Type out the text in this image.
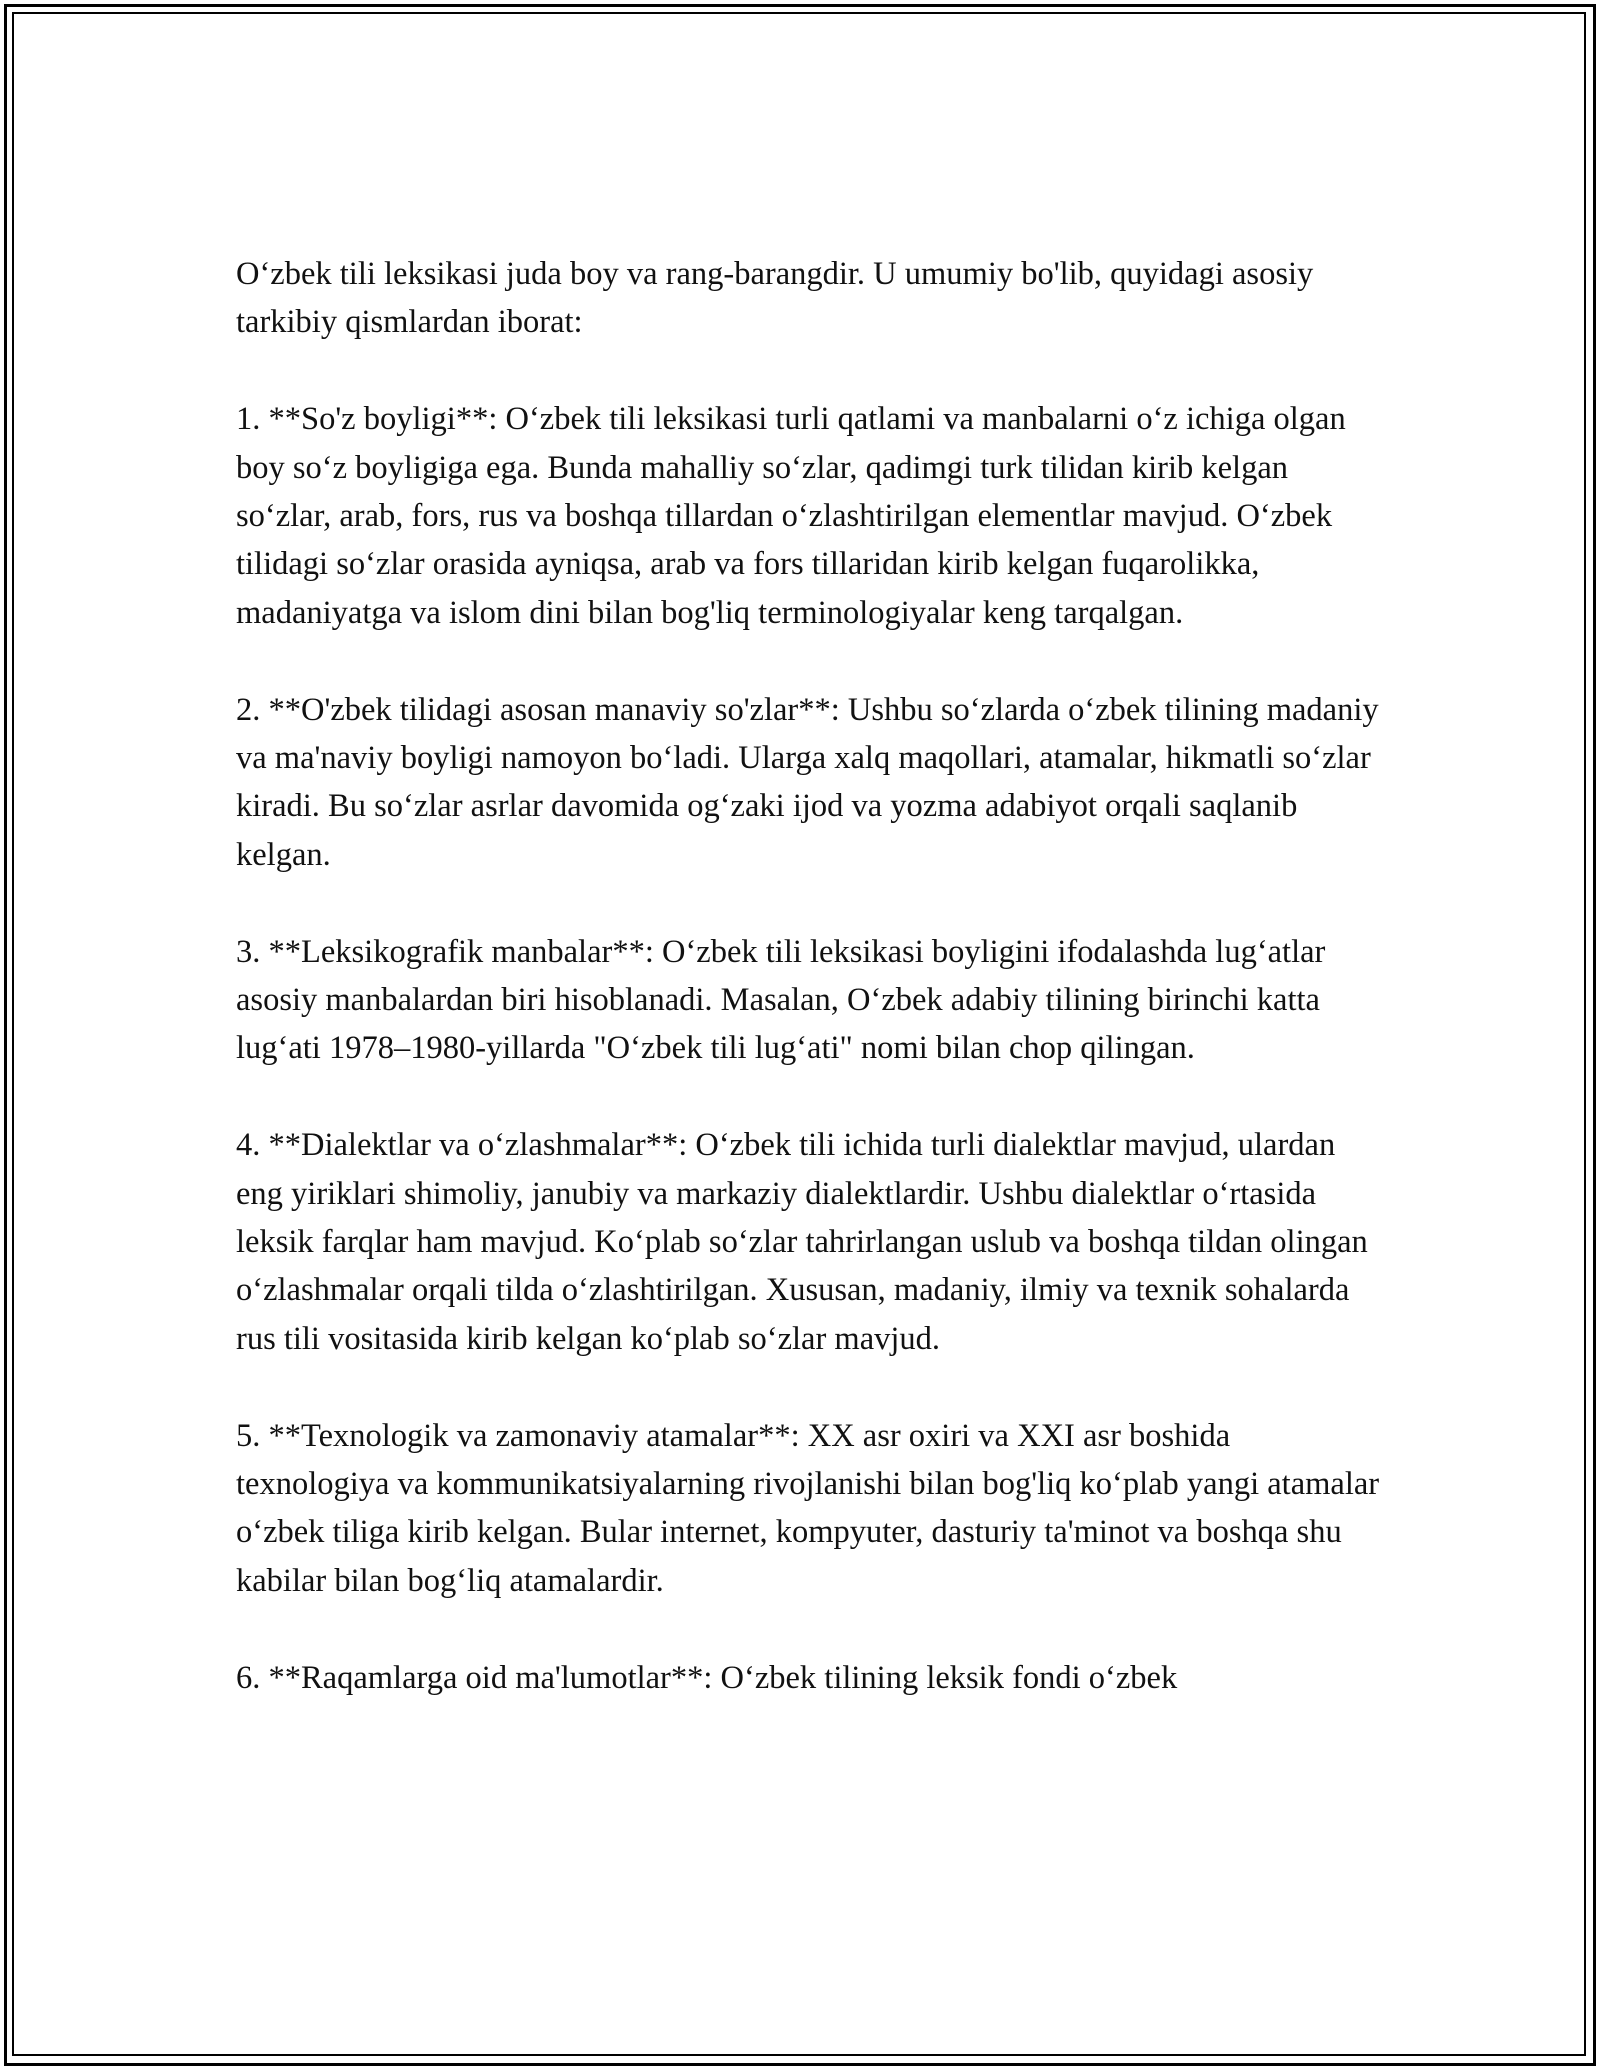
O‘zbek tili leksikasi juda boy va rang-barangdir. U umumiy bo'lib, quyidagi asosiy tarkibiy qismlardan iborat:

1. **So'z boyligi**: O‘zbek tili leksikasi turli qatlami va manbalarni o‘z ichiga olgan boy so‘z boyligiga ega. Bunda mahalliy so‘zlar, qadimgi turk tilidan kirib kelgan so‘zlar, arab, fors, rus va boshqa tillardan o‘zlashtirilgan elementlar mavjud. O‘zbek tilidagi so‘zlar orasida ayniqsa, arab va fors tillaridan kirib kelgan fuqarolikka, madaniyatga va islom dini bilan bog'liq terminologiyalar keng tarqalgan.

2. **O'zbek tilidagi asosan manaviy so'zlar**: Ushbu so‘zlarda o‘zbek tilining madaniy va ma'naviy boyligi namoyon bo‘ladi. Ularga xalq maqollari, atamalar, hikmatli so‘zlar kiradi. Bu so‘zlar asrlar davomida og‘zaki ijod va yozma adabiyot orqali saqlanib kelgan.

3. **Leksikografik manbalar**: O‘zbek tili leksikasi boyligini ifodalashda lug‘atlar asosiy manbalardan biri hisoblanadi. Masalan, O‘zbek adabiy tilining birinchi katta lug‘ati 1978–1980-yillarda "O‘zbek tili lug‘ati" nomi bilan chop qilingan.

4. **Dialektlar va o‘zlashmalar**: O‘zbek tili ichida turli dialektlar mavjud, ulardan eng yiriklari shimoliy, janubiy va markaziy dialektlardir. Ushbu dialektlar o‘rtasida leksik farqlar ham mavjud. Ko‘plab so‘zlar tahrirlangan uslub va boshqa tildan olingan o‘zlashmalar orqali tilda o‘zlashtirilgan. Xususan, madaniy, ilmiy va texnik sohalarda rus tili vositasida kirib kelgan ko‘plab so‘zlar mavjud.

5. **Texnologik va zamonaviy atamalar**: XX asr oxiri va XXI asr boshida texnologiya va kommunikatsiyalarning rivojlanishi bilan bog'liq ko‘plab yangi atamalar o‘zbek tiliga kirib kelgan. Bular internet, kompyuter, dasturiy ta'minot va boshqa shu kabilar bilan bog‘liq atamalardir.

6. **Raqamlarga oid ma'lumotlar**: O‘zbek tilining leksik fondi o‘zbek
